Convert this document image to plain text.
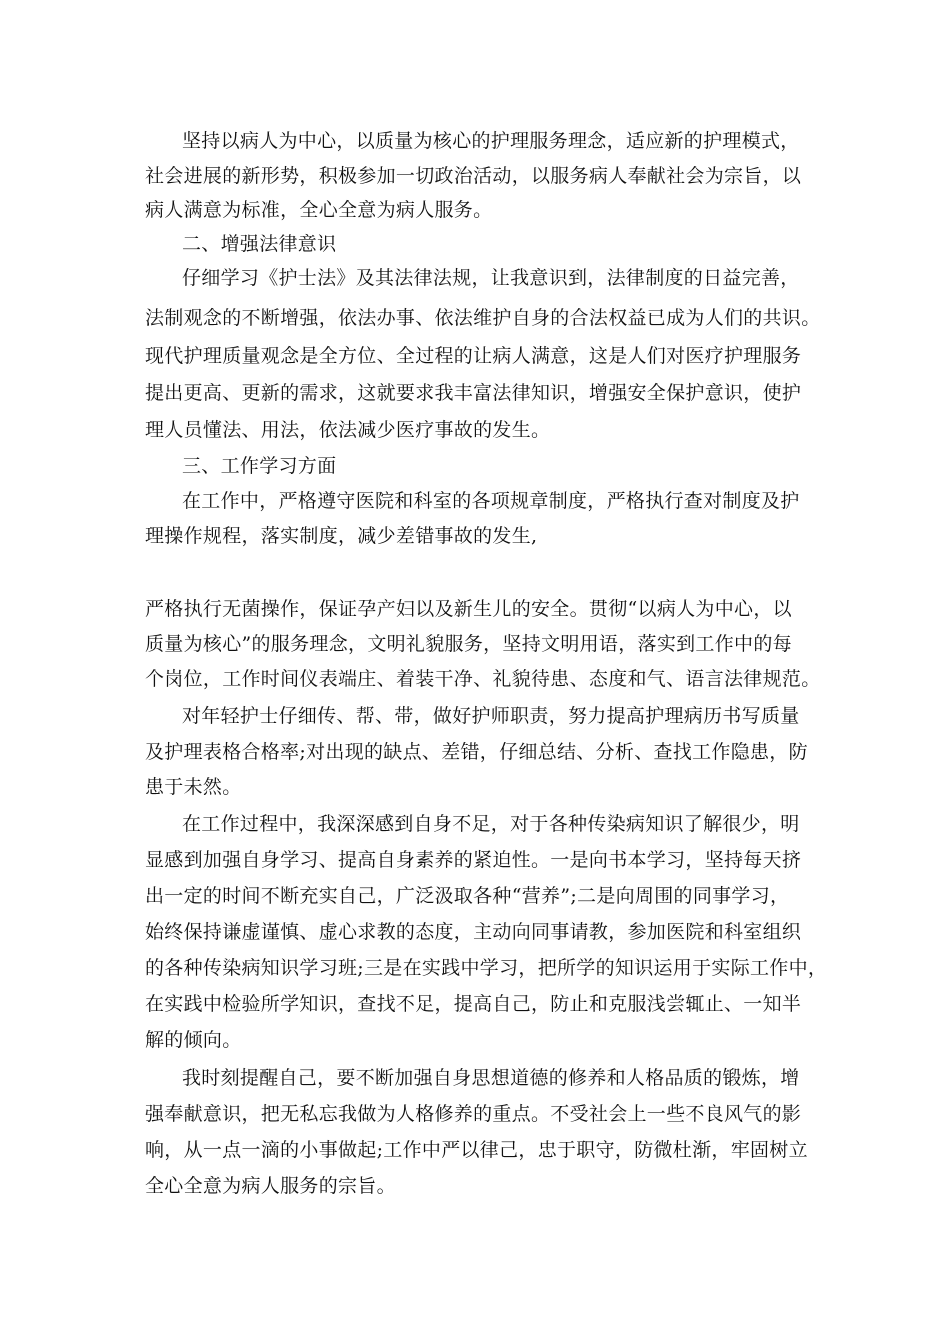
坚持以病人为中心，以质量为核心的护理服务理念，适应新的护理模式，
社会进展的新形势，积极参加一切政治活动，以服务病人奉献社会为宗旨，以
病人满意为标准，全心全意为病人服务。
二、增强法律意识
仔细学习《护士法》及其法律法规，让我意识到，法律制度的日益完善，
法制观念的不断增强，依法办事、依法维护自身的合法权益已成为人们的共识。
现代护理质量观念是全方位、全过程的让病人满意，这是人们对医疗护理服务
提出更高、更新的需求，这就要求我丰富法律知识，增强安全保护意识，使护
理人员懂法、用法，依法减少医疗事故的发生。
三、工作学习方面
在工作中，严格遵守医院和科室的各项规章制度，严格执行查对制度及护
理操作规程，落实制度，减少差错事故的发生,
严格执行无菌操作，保证孕产妇以及新生儿的安全。贯彻“以病人为中心，以
质量为核心”的服务理念，文明礼貌服务，坚持文明用语，落实到工作中的每
个岗位，工作时间仪表端庄、着装干净、礼貌待患、态度和气、语言法律规范。
对年轻护士仔细传、帮、带，做好护师职责，努力提高护理病历书写质量
及护理表格合格率;对出现的缺点、差错，仔细总结、分析、查找工作隐患，防
患于未然。
在工作过程中，我深深感到自身不足，对于各种传染病知识了解很少，明
显感到加强自身学习、提高自身素养的紧迫性。一是向书本学习，坚持每天挤
出一定的时间不断充实自己，广泛汲取各种“营养”;二是向周围的同事学习，
始终保持谦虚谨慎、虚心求教的态度，主动向同事请教，参加医院和科室组织
的各种传染病知识学习班;三是在实践中学习，把所学的知识运用于实际工作中，
在实践中检验所学知识，查找不足，提高自己，防止和克服浅尝辄止、一知半
解的倾向。
我时刻提醒自己，要不断加强自身思想道德的修养和人格品质的锻炼，增
强奉献意识，把无私忘我做为人格修养的重点。不受社会上一些不良风气的影
响，从一点一滴的小事做起;工作中严以律己，忠于职守，防微杜渐，牢固树立
全心全意为病人服务的宗旨。
